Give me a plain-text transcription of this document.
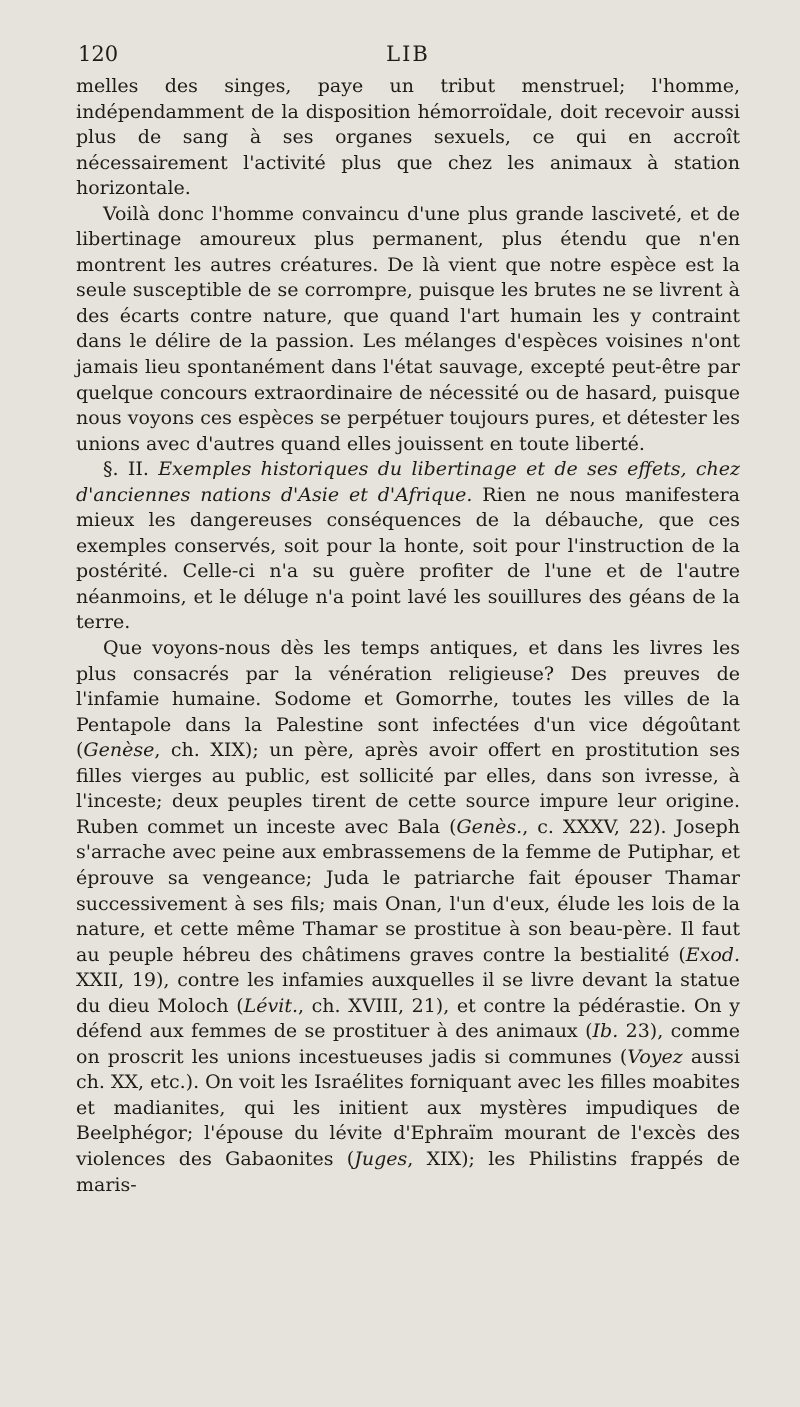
120	LIB

melles des singes, paye un tribut menstruel; l'homme, indépendamment de la disposition hémorroïdale, doit recevoir aussi plus de sang à ses organes sexuels, ce qui en accroît nécessairement l'activité plus que chez les animaux à station horizontale.

Voilà donc l'homme convaincu d'une plus grande lasciveté, et de libertinage amoureux plus permanent, plus étendu que n'en montrent les autres créatures. De là vient que notre espèce est la seule susceptible de se corrompre, puisque les brutes ne se livrent à des écarts contre nature, que quand l'art humain les y contraint dans le délire de la passion. Les mélanges d'espèces voisines n'ont jamais lieu spontanément dans l'état sauvage, excepté peut-être par quelque concours extraordinaire de nécessité ou de hasard, puisque nous voyons ces espèces se perpétuer toujours pures, et détester les unions avec d'autres quand elles jouissent en toute liberté.

§. II. Exemples historiques du libertinage et de ses effets, chez d'anciennes nations d'Asie et d'Afrique. Rien ne nous manifestera mieux les dangereuses conséquences de la débauche, que ces exemples conservés, soit pour la honte, soit pour l'instruction de la postérité. Celle-ci n'a su guère profiter de l'une et de l'autre néanmoins, et le déluge n'a point lavé les souillures des géans de la terre.

Que voyons-nous dès les temps antiques, et dans les livres les plus consacrés par la vénération religieuse? Des preuves de l'infamie humaine. Sodome et Gomorrhe, toutes les villes de la Pentapole dans la Palestine sont infectées d'un vice dégoûtant (Genèse, ch. XIX); un père, après avoir offert en prostitution ses filles vierges au public, est sollicité par elles, dans son ivresse, à l'inceste; deux peuples tirent de cette source impure leur origine. Ruben commet un inceste avec Bala (Genès., c. XXXV, 22). Joseph s'arrache avec peine aux embrassemens de la femme de Putiphar, et éprouve sa vengeance; Juda le patriarche fait épouser Thamar successivement à ses fils; mais Onan, l'un d'eux, élude les lois de la nature, et cette même Thamar se prostitue à son beau-père. Il faut au peuple hébreu des châtimens graves contre la bestialité (Exod. XXII, 19), contre les infamies auxquelles il se livre devant la statue du dieu Moloch (Lévit., ch. XVIII, 21), et contre la pédérastie. On y défend aux femmes de se prostituer à des animaux (Ib. 23), comme on proscrit les unions incestueuses jadis si communes (Voyez aussi ch. XX, etc.). On voit les Israélites forniquant avec les filles moabites et madianites, qui les initient aux mystères impudiques de Beelphégor; l'épouse du lévite d'Ephraïm mourant de l'excès des violences des Gabaonites (Juges, XIX); les Philistins frappés de maris-
